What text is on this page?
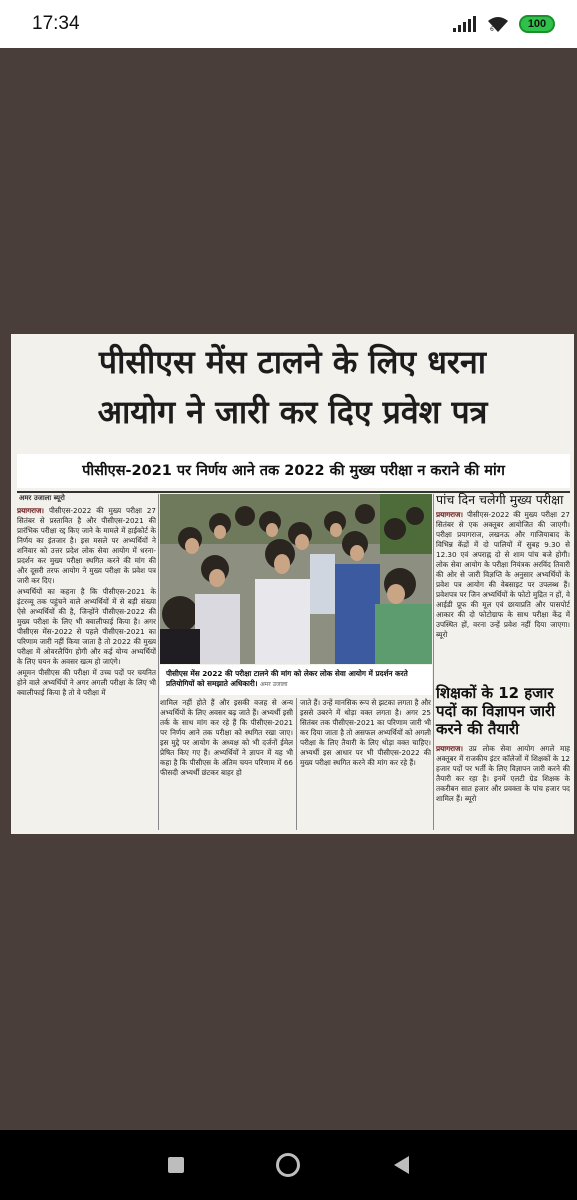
17:34	6	100
पीसीएस मेंस टालने के लिए धरना
आयोग ने जारी कर दिए प्रवेश पत्र
पीसीएस-2021 पर निर्णय आने तक 2022 की मुख्य परीक्षा न कराने की मांग
अमर उजाला ब्यूरो

प्रयागराज। पीसीएस-2022 की मुख्य परीक्षा 27 सितंबर से प्रस्तावित है और पीसीएस-2021 की प्रारंभिक परीक्षा रद्द किए जाने के मामले में हाईकोर्ट के निर्णय का इंतजार है। इस मसले पर अभ्यर्थियों ने शनिवार को उत्तर प्रदेश लोक सेवा आयोग में धरना-प्रदर्शन कर मुख्य परीक्षा स्थगित करने की मांग की और दूसरी तरफ आयोग ने मुख्य परीक्षा के प्रवेश पत्र जारी कर दिए।

अभ्यर्थियों का कहना है कि पीसीएस-2021 के इंटरव्यू तक पहुंचने वाले अभ्यर्थियों में से बड़ी संख्या ऐसे अभ्यर्थियों की है, जिन्होंने पीसीएस-2022 की मुख्य परीक्षा के लिए भी क्वालीफाई किया है। अगर पीसीएस मेंस-2022 से पहले पीसीएस-2021 का परिणाम जारी नहीं किया जाता है तो 2022 की मुख्य परीक्षा में ओवरलैपिंग होगी और कई योग्य अभ्यर्थियों के लिए चयन के अवसर खत्म हो जाएंगे।

अमूमन पीसीएस की परीक्षा में उच्च पदों पर चयनित होने वाले अभ्यर्थियों ने अगर अगली परीक्षा के लिए भी क्वालीफाई किया है तो वे परीक्षा में

पीसीएस मेंस 2022 की परीक्षा टालने की मांग को लेकर लोक सेवा आयोग में प्रदर्शन करते प्रतियोगियों को समझाते अधिकारी। अमर उजाला

शामिल नहीं होते हैं और इसकी वजह से अन्य अभ्यर्थियों के लिए अवसर बढ़ जाते हैं। अभ्यर्थी इसी तर्क के साथ मांग कर रहे हैं कि पीसीएस-2021 पर निर्णय आने तक परीक्षा को स्थगित रखा जाए। इस मुद्दे पर आयोग के अध्यक्ष को भी दर्जनों ईमेल प्रेषित किए गए हैं। अभ्यर्थियों ने ज्ञापन में यह भी कहा है कि पीसीएस के अंतिम चयन परिणाम में 66 फीसदी अभ्यर्थी छंटकर बाहर हो

जाते हैं। उन्हें मानसिक रूप से झटका लगता है और इससे उबरने में थोड़ा वक्त लगता है। अगर 25 सितंबर तक पीसीएस-2021 का परिणाम जारी भी कर दिया जाता है तो असफल अभ्यर्थियों को अगली परीक्षा के लिए तैयारी के लिए थोड़ा वक्त चाहिए। अभ्यर्थी इस आधार पर भी पीसीएस-2022 की मुख्य परीक्षा स्थगित करने की मांग कर रहे हैं।

पांच दिन चलेगी मुख्य परीक्षा

प्रयागराज। पीसीएस-2022 की मुख्य परीक्षा 27 सितंबर से एक अक्तूबर आयोजित की जाएगी। परीक्षा प्रयागराज, लखनऊ और गाजियाबाद के विभिन्न केंद्रों में दो पालियों में सुबह 9.30 से 12.30 एवं अपराह्न दो से शाम पांच बजे होगी। लोक सेवा आयोग के परीक्षा नियंत्रक अरविंद तिवारी की ओर से जारी विज्ञप्ति के अनुसार अभ्यर्थियों के प्रवेश पत्र आयोग की वेबसाइट पर उपलब्ध हैं। प्रवेशपत्र पर जिन अभ्यर्थियों के फोटो मुद्रित न हों, वे आईडी प्रूफ की मूल एवं छायाप्रति और पासपोर्ट आकार की दो फोटोग्राफ के साथ परीक्षा केंद्र में उपस्थित हों, वरना उन्हें प्रवेश नहीं दिया जाएगा। ब्यूरो

शिक्षकों के 12 हजार पदों का विज्ञापन जारी करने की तैयारी

प्रयागराज। उप्र लोक सेवा आयोग अगले माह अक्तूबर में राजकीय इंटर कॉलेजों में शिक्षकों के 12 हजार पदों पर भर्ती के लिए विज्ञापन जारी करने की तैयारी कर रहा है। इनमें एलटी ग्रेड शिक्षक के तकरीबन सात हजार और प्रवक्ता के पांच हजार पद शामिल हैं। ब्यूरो
